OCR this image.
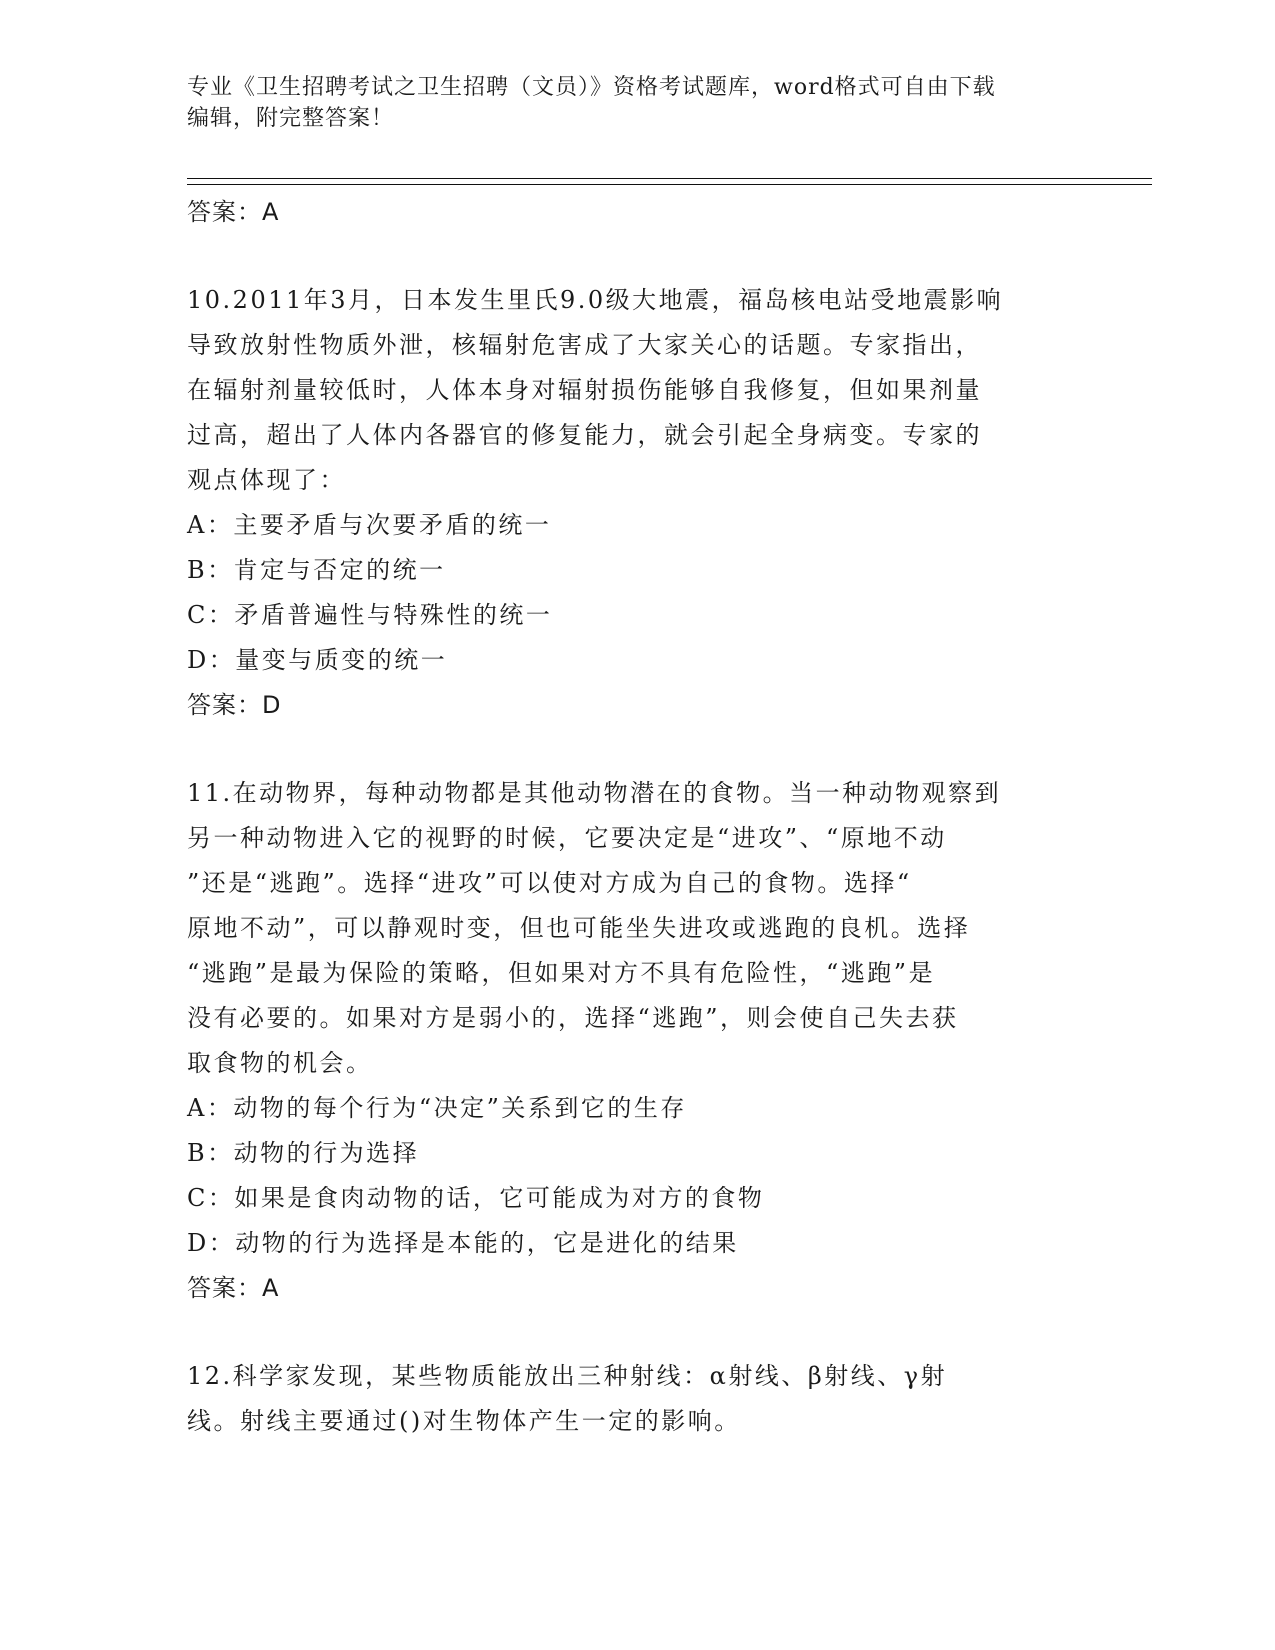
专业《卫生招聘考试之卫生招聘（文员）》资格考试题库，word格式可自由下载
编辑，附完整答案！
答案：A
10.2011年3月，日本发生里氏9.0级大地震，福岛核电站受地震影响
导致放射性物质外泄，核辐射危害成了大家关心的话题。专家指出，
在辐射剂量较低时，人体本身对辐射损伤能够自我修复，但如果剂量
过高，超出了人体内各器官的修复能力，就会引起全身病变。专家的
观点体现了：
A：主要矛盾与次要矛盾的统一
B：肯定与否定的统一
C：矛盾普遍性与特殊性的统一
D：量变与质变的统一
答案：D
11.在动物界，每种动物都是其他动物潜在的食物。当一种动物观察到
另一种动物进入它的视野的时候，它要决定是“进攻”、“原地不动
”还是“逃跑”。选择“进攻”可以使对方成为自己的食物。选择“
原地不动”，可以静观时变，但也可能坐失进攻或逃跑的良机。选择
“逃跑”是最为保险的策略，但如果对方不具有危险性，“逃跑”是
没有必要的。如果对方是弱小的，选择“逃跑”，则会使自己失去获
取食物的机会。
A：动物的每个行为“决定”关系到它的生存
B：动物的行为选择
C：如果是食肉动物的话，它可能成为对方的食物
D：动物的行为选择是本能的，它是进化的结果
答案：A
12.科学家发现，某些物质能放出三种射线：α射线、β射线、γ射
线。射线主要通过()对生物体产生一定的影响。
